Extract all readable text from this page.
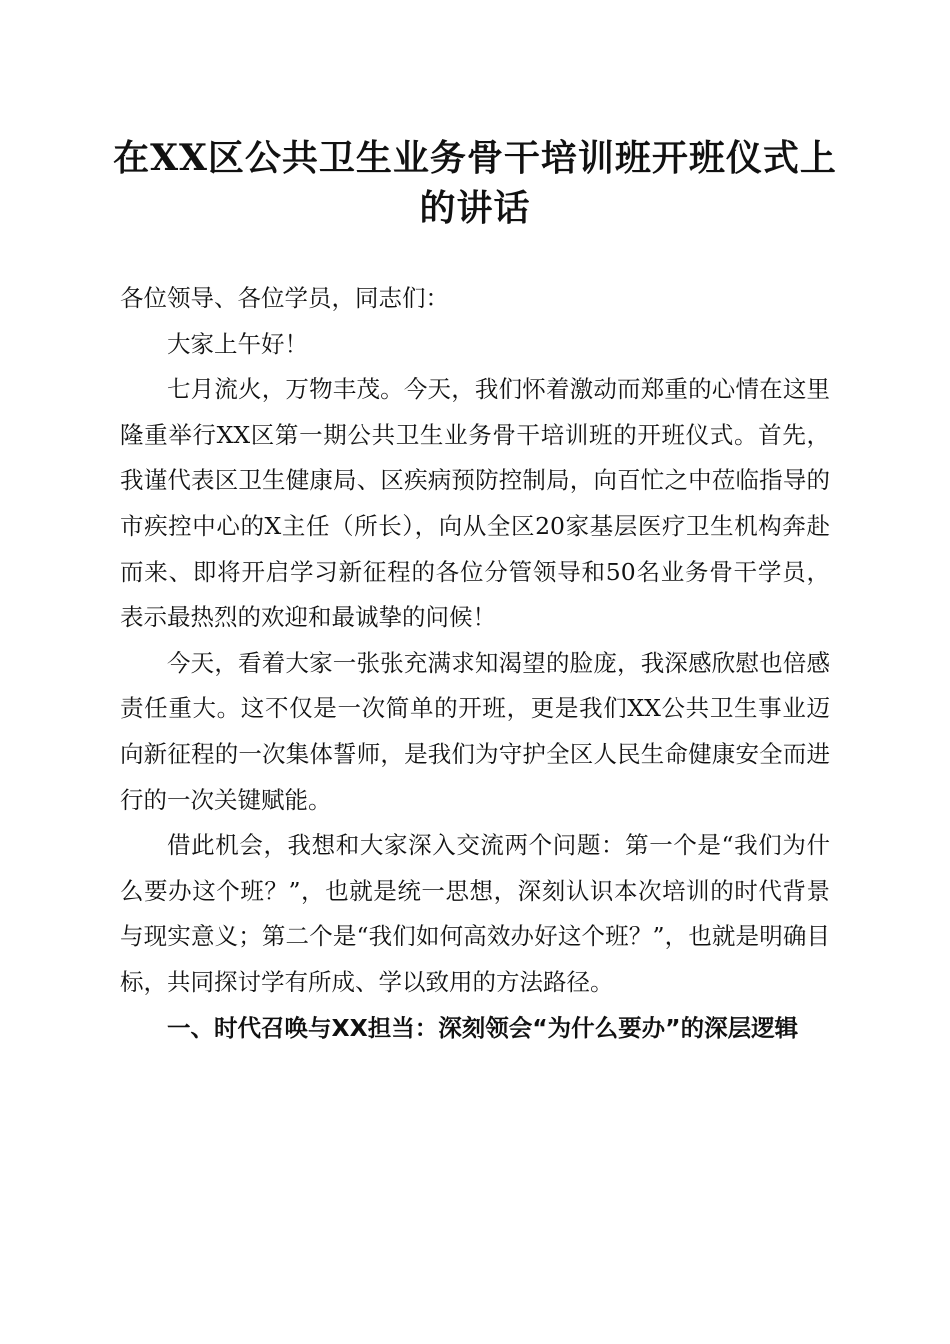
在XX区公共卫生业务骨干培训班开班仪式上
的讲话

各位领导、各位学员，同志们：

大家上午好！

七月流火，万物丰茂。今天，我们怀着激动而郑重的心情在这里隆重举行XX区第一期公共卫生业务骨干培训班的开班仪式。首先，我谨代表区卫生健康局、区疾病预防控制局，向百忙之中莅临指导的市疾控中心的X主任（所长），向从全区20家基层医疗卫生机构奔赴而来、即将开启学习新征程的各位分管领导和50名业务骨干学员，表示最热烈的欢迎和最诚挚的问候！

今天，看着大家一张张充满求知渴望的脸庞，我深感欣慰也倍感责任重大。这不仅是一次简单的开班，更是我们XX公共卫生事业迈向新征程的一次集体誓师，是我们为守护全区人民生命健康安全而进行的一次关键赋能。

借此机会，我想和大家深入交流两个问题：第一个是“我们为什么要办这个班？”，也就是统一思想，深刻认识本次培训的时代背景与现实意义；第二个是“我们如何高效办好这个班？”，也就是明确目标，共同探讨学有所成、学以致用的方法路径。

一、时代召唤与XX担当：深刻领会“为什么要办”的深层逻辑
